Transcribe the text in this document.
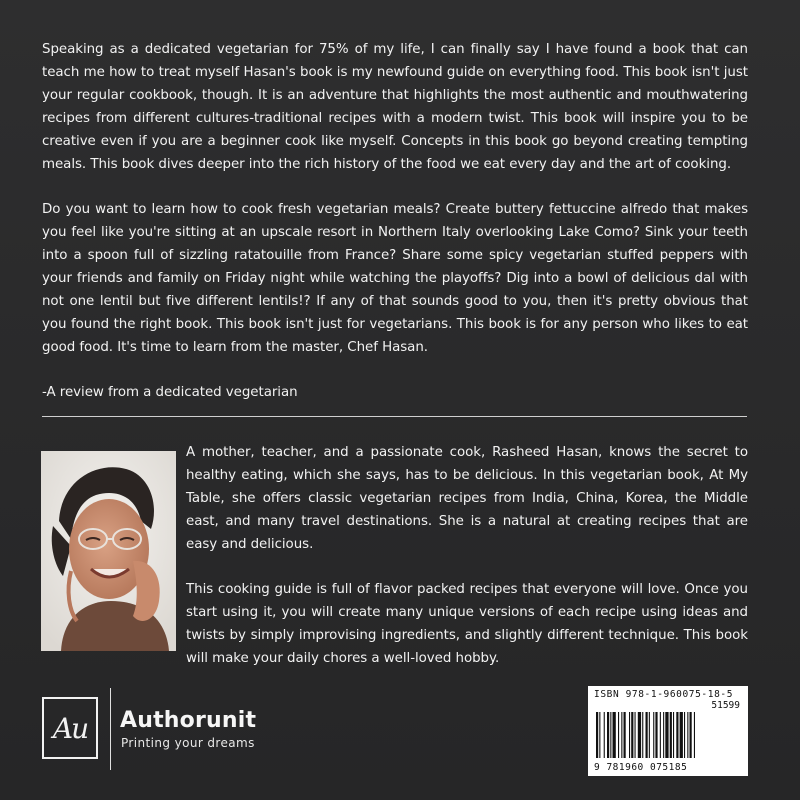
Speaking as a dedicated vegetarian for 75% of my life, I can finally say I have found a book that can teach me how to treat myself Hasan's book is my newfound guide on everything food. This book isn't just your regular cookbook, though. It is an adventure that highlights the most authentic and mouthwatering recipes from different cultures-traditional recipes with a modern twist. This book will inspire you to be creative even if you are a beginner cook like myself. Concepts in this book go beyond creating tempting meals. This book dives deeper into the rich history of the food we eat every day and the art of cooking.

Do you want to learn how to cook fresh vegetarian meals? Create buttery fettuccine alfredo that makes you feel like you're sitting at an upscale resort in Northern Italy overlooking Lake Como? Sink your teeth into a spoon full of sizzling ratatouille from France? Share some spicy vegetarian stuffed peppers with your friends and family on Friday night while watching the playoffs? Dig into a bowl of delicious dal with not one lentil but five different lentils!? If any of that sounds good to you, then it's pretty obvious that you found the right book. This book isn't just for vegetarians. This book is for any person who likes to eat good food. It's time to learn from the master, Chef Hasan.

-A review from a dedicated vegetarian

A mother, teacher, and a passionate cook, Rasheed Hasan, knows the secret to healthy eating, which she says, has to be delicious. In this vegetarian book, At My Table, she offers classic vegetarian recipes from India, China, Korea, the Middle east, and many travel destinations. She is a natural at creating recipes that are easy and delicious.

This cooking guide is full of flavor packed recipes that everyone will love. Once you start using it, you will create many unique versions of each recipe using ideas and twists by simply improvising ingredients, and slightly different technique. This book will make your daily chores a well-loved hobby.

Au Authorunit
Printing your dreams
ISBN 978-1-960075-18-5
51599
9 781960 075185
